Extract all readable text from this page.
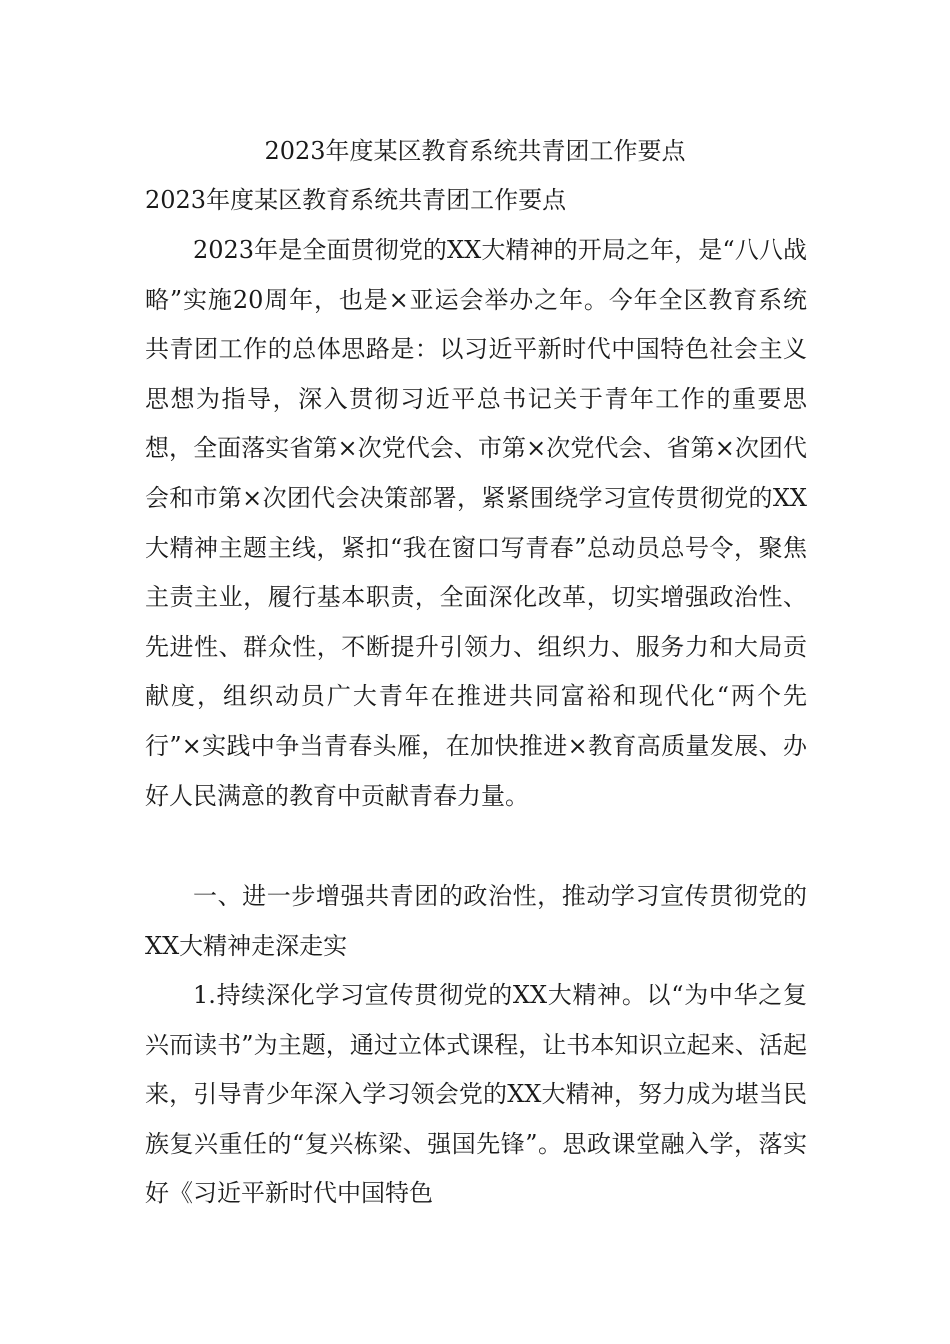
2023年度某区教育系统共青团工作要点
2023年度某区教育系统共青团工作要点

2023年是全面贯彻党的XX大精神的开局之年，是“八八战略”实施20周年，也是×亚运会举办之年。今年全区教育系统共青团工作的总体思路是：以习近平新时代中国特色社会主义思想为指导，深入贯彻习近平总书记关于青年工作的重要思想，全面落实省第×次党代会、市第×次党代会、省第×次团代会和市第×次团代会决策部署，紧紧围绕学习宣传贯彻党的XX大精神主题主线，紧扣“我在窗口写青春”总动员总号令，聚焦主责主业，履行基本职责，全面深化改革，切实增强政治性、先进性、群众性，不断提升引领力、组织力、服务力和大局贡献度，组织动员广大青年在推进共同富裕和现代化“两个先行”×实践中争当青春头雁，在加快推进×教育高质量发展、办好人民满意的教育中贡献青春力量。

一、进一步增强共青团的政治性，推动学习宣传贯彻党的XX大精神走深走实

1.持续深化学习宣传贯彻党的XX大精神。以“为中华之复兴而读书”为主题，通过立体式课程，让书本知识立起来、活起来，引导青少年深入学习领会党的XX大精神，努力成为堪当民族复兴重任的“复兴栋梁、强国先锋”。思政课堂融入学，落实好《习近平新时代中国特色
